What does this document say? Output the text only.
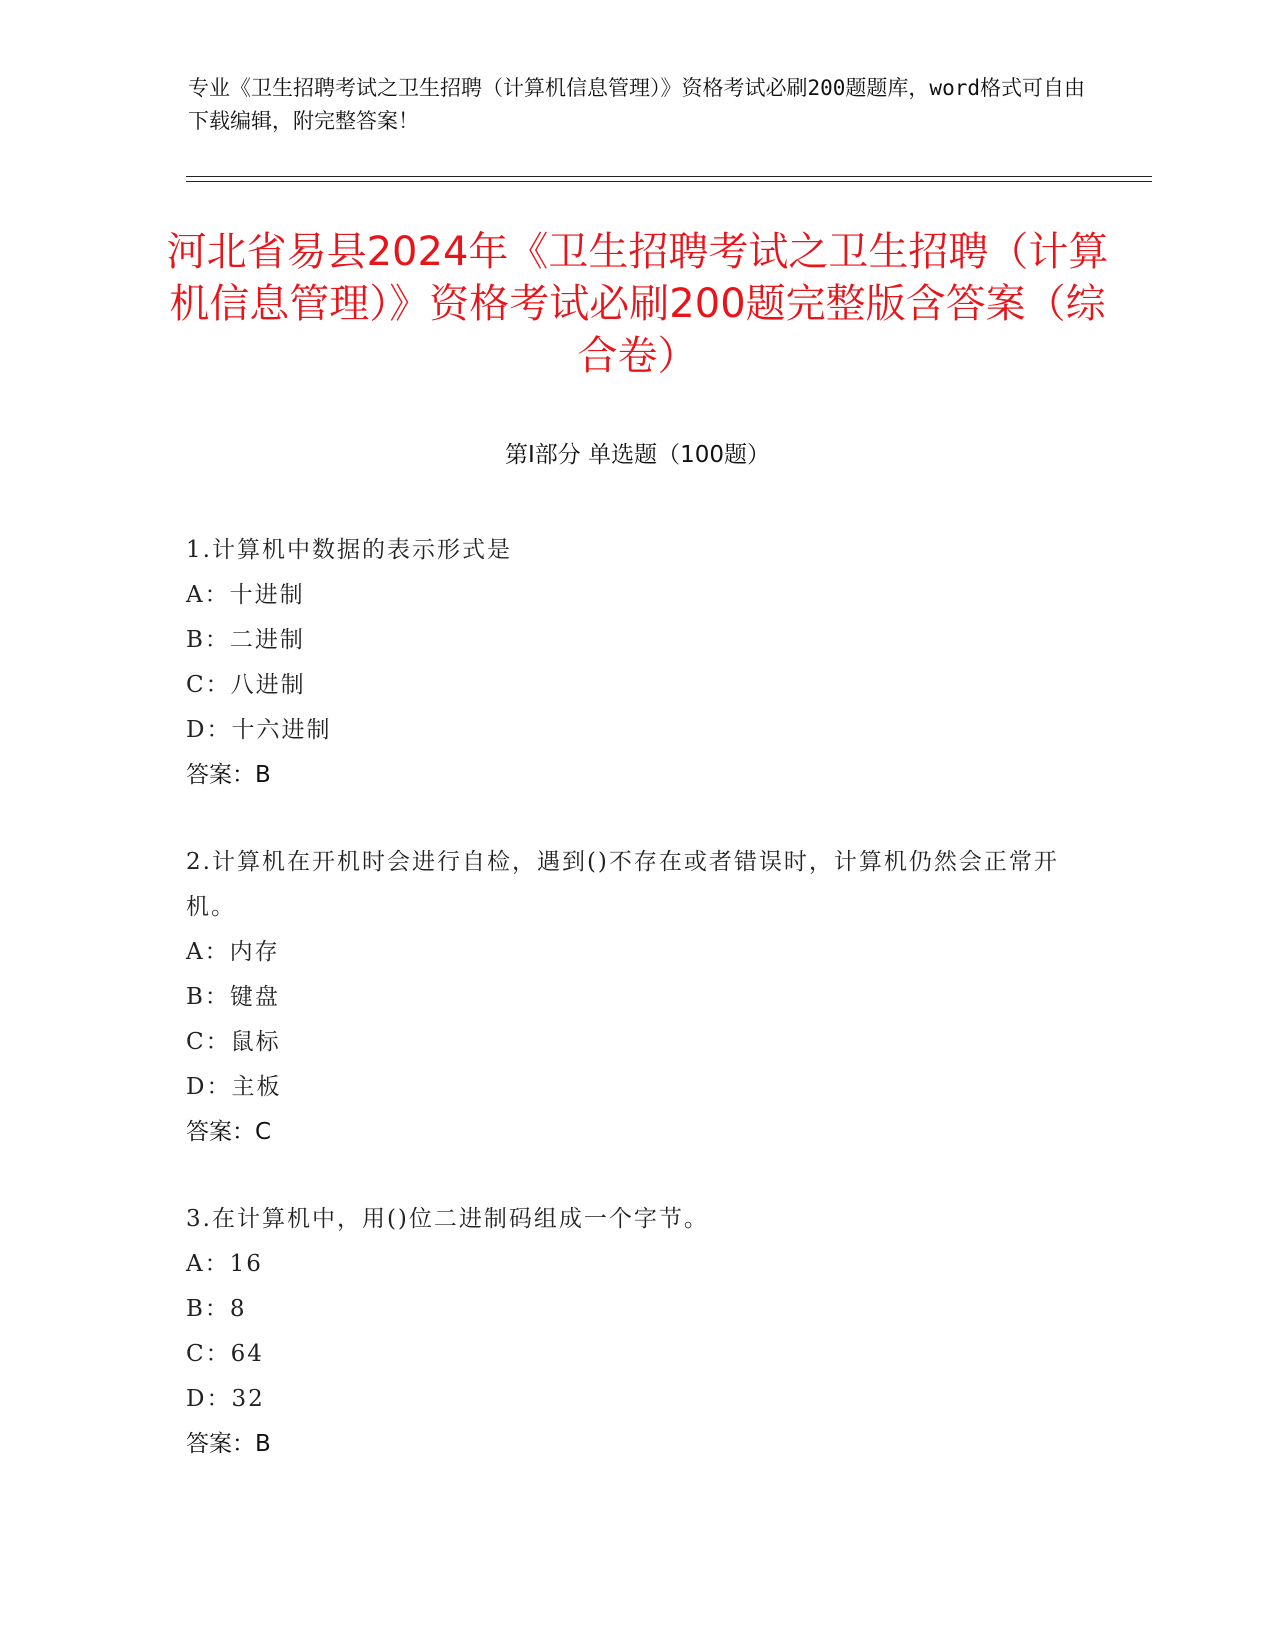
专业《卫生招聘考试之卫生招聘（计算机信息管理）》资格考试必刷200题题库，word格式可自由下载编辑，附完整答案！
河北省易县2024年《卫生招聘考试之卫生招聘（计算机信息管理）》资格考试必刷200题完整版含答案（综合卷）
第Ⅰ部分 单选题（100题）
1.计算机中数据的表示形式是
A：十进制
B：二进制
C：八进制
D：十六进制
答案：B
2.计算机在开机时会进行自检，遇到()不存在或者错误时，计算机仍然会正常开机。
A：内存
B：键盘
C：鼠标
D：主板
答案：C
3.在计算机中，用()位二进制码组成一个字节。
A：16
B：8
C：64
D：32
答案：B
